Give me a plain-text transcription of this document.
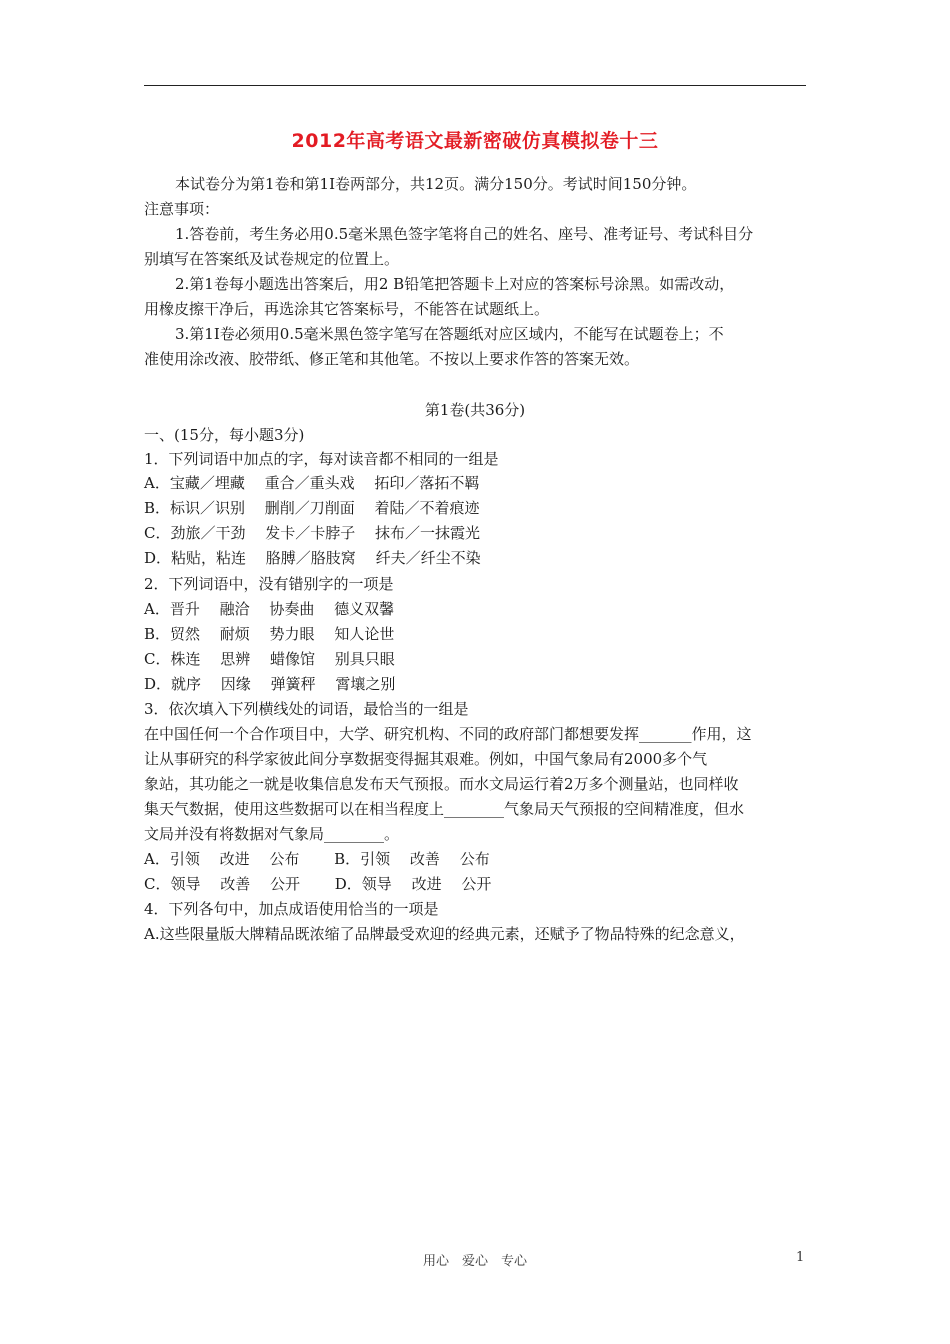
2012年高考语文最新密破仿真模拟卷十三
本试卷分为第1卷和第1I卷两部分，共12页。满分150分。考试时间150分钟。
注意事项：
1.答卷前，考生务必用0.5毫米黑色签字笔将自己的姓名、座号、准考证号、考试科目分
别填写在答案纸及试卷规定的位置上。
2.第1卷每小题选出答案后，用2 B铅笔把答题卡上对应的答案标号涂黑。如需改动，
用橡皮擦干净后，再选涂其它答案标号，不能答在试题纸上。
3.第1I卷必须用0.5毫米黑色签字笔写在答题纸对应区域内，不能写在试题卷上；不
准使用涂改液、胶带纸、修正笔和其他笔。不按以上要求作答的答案无效。
第1卷(共36分)
一、(15分，每小题3分)
1．下列词语中加点的字，每对读音都不相同的一组是
A．宝藏／埋藏　 重合／重头戏　 拓印／落拓不羁
B．标识／识别　 删削／刀削面　 着陆／不着痕迹
C．劲旅／干劲　 发卡／卡脖子　 抹布／一抹霞光
D．粘贴，粘连　 胳膊／胳肢窝　 纤夫／纤尘不染
2．下列词语中，没有错别字的一项是
A．晋升　 融洽　 协奏曲　 德义双馨
B．贸然　 耐烦　 势力眼　 知人论世
C．株连　 思辨　 蜡像馆　 别具只眼
D．就序　 因缘　 弹簧秤　 霄壤之别
3．依次填入下列横线处的词语，最恰当的一组是
在中国任何一个合作项目中，大学、研究机构、不同的政府部门都想要发挥_______作用，这
让从事研究的科学家彼此间分享数据变得掘其艰难。例如，中国气象局有2000多个气
象站，其功能之一就是收集信息发布天气预报。而水文局运行着2万多个测量站，也同样收
集天气数据，使用这些数据可以在相当程度上________气象局天气预报的空间精准度，但水
文局并没有将数据对气象局________。
A．引领　 改进　 公布　 　B．引领　 改善　 公布
C．领导　 改善　 公开　 　D．领导　 改进　 公开
4．下列各句中，加点成语使用恰当的一项是
A.这些限量版大牌精品既浓缩了品牌最受欢迎的经典元素，还赋予了物品特殊的纪念意义，
用心　爱心　专心	1
